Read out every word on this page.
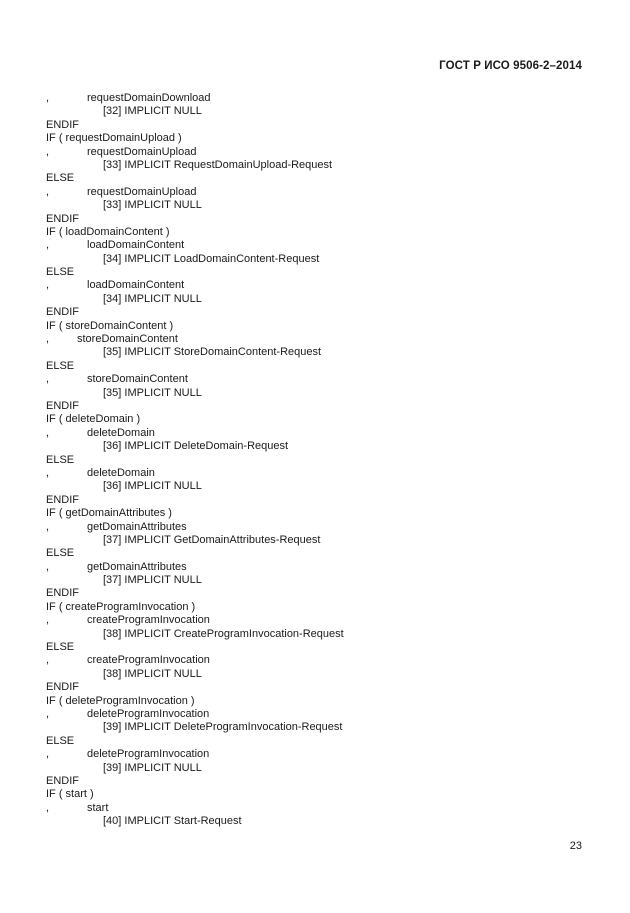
ГОСТ Р ИСО 9506-2–2014
,	requestDomainDownload
[32] IMPLICIT NULL
ENDIF
IF ( requestDomainUpload )
,	requestDomainUpload
[33] IMPLICIT RequestDomainUpload-Request
ELSE
,	requestDomainUpload
[33] IMPLICIT NULL
ENDIF
IF ( loadDomainContent )
,	loadDomainContent
[34] IMPLICIT LoadDomainContent-Request
ELSE
,	loadDomainContent
[34] IMPLICIT NULL
ENDIF
IF ( storeDomainContent )
,	storeDomainContent
[35] IMPLICIT StoreDomainContent-Request
ELSE
,	storeDomainContent
[35] IMPLICIT NULL
ENDIF
IF ( deleteDomain )
,	deleteDomain
[36] IMPLICIT DeleteDomain-Request
ELSE
,	deleteDomain
[36] IMPLICIT NULL
ENDIF
IF ( getDomainAttributes )
,	getDomainAttributes
[37] IMPLICIT GetDomainAttributes-Request
ELSE
,	getDomainAttributes
[37] IMPLICIT NULL
ENDIF
IF ( createProgramInvocation )
,	createProgramInvocation
[38] IMPLICIT CreateProgramInvocation-Request
ELSE
,	createProgramInvocation
[38] IMPLICIT NULL
ENDIF
IF ( deleteProgramInvocation )
,	deleteProgramInvocation
[39] IMPLICIT DeleteProgramInvocation-Request
ELSE
,	deleteProgramInvocation
[39] IMPLICIT NULL
ENDIF
IF ( start )
,	start
[40] IMPLICIT Start-Request
23
